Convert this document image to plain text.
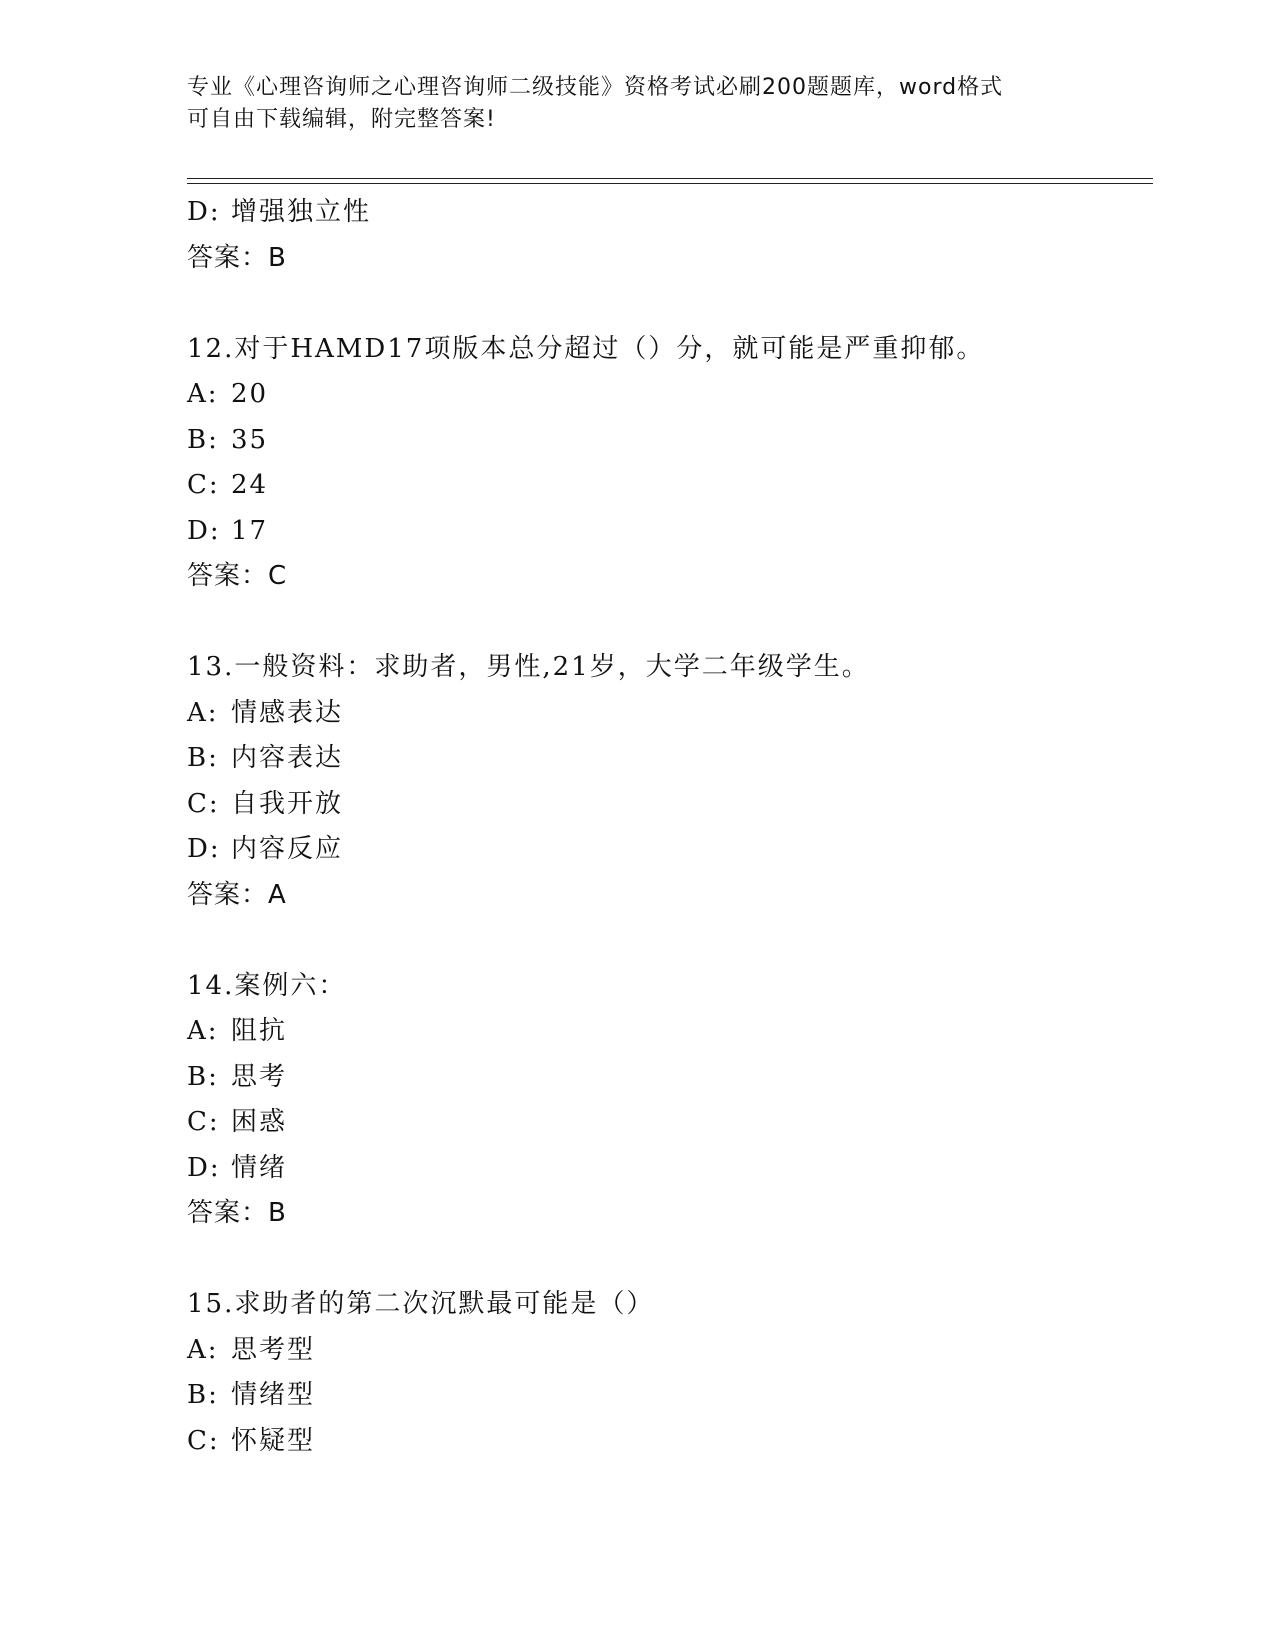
专业《心理咨询师之心理咨询师二级技能》资格考试必刷200题题库，word格式
可自由下载编辑，附完整答案!
D: 增强独立性
答案：B
12.对于HAMD17项版本总分超过（）分，就可能是严重抑郁。
A: 20
B: 35
C: 24
D: 17
答案：C
13.一般资料：求助者，男性,21岁，大学二年级学生。
A: 情感表达
B: 内容表达
C: 自我开放
D: 内容反应
答案：A
14.案例六：
A: 阻抗
B: 思考
C: 困惑
D: 情绪
答案：B
15.求助者的第二次沉默最可能是（）
A: 思考型
B: 情绪型
C: 怀疑型
